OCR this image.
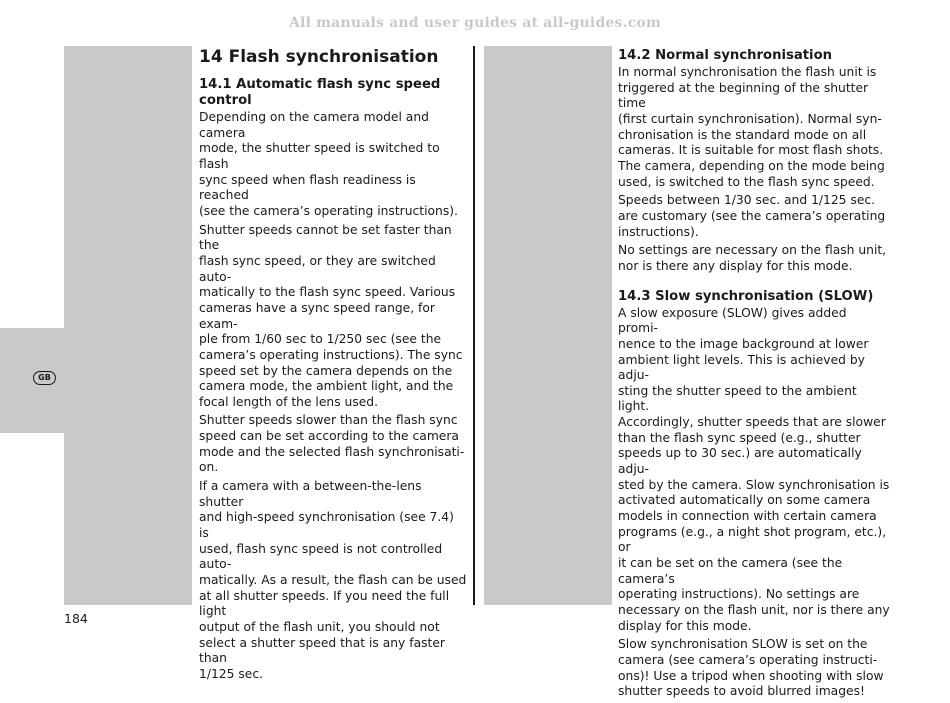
All manuals and user guides at all-guides.com
GB
14 Flash synchronisation
14.1 Automatic flash sync speed control

Depending on the camera model and camera
mode, the shutter speed is switched to flash
sync speed when flash readiness is reached
(see the camera’s operating instructions).

Shutter speeds cannot be set faster than the
flash sync speed, or they are switched auto-
matically to the flash sync speed. Various
cameras have a sync speed range, for exam-
ple from 1/60 sec to 1/250 sec (see the
camera’s operating instructions). The sync
speed set by the camera depends on the
camera mode, the ambient light, and the
focal length of the lens used.

Shutter speeds slower than the flash sync
speed can be set according to the camera
mode and the selected flash synchronisati-
on.

If a camera with a between-the-lens shutter
and high-speed synchronisation (see 7.4) is
used, flash sync speed is not controlled auto-
matically. As a result, the flash can be used
at all shutter speeds. If you need the full light
output of the flash unit, you should not
select a shutter speed that is any faster than
1/125 sec.

14.2 Normal synchronisation

In normal synchronisation the flash unit is
triggered at the beginning of the shutter time
(first curtain synchronisation). Normal syn-
chronisation is the standard mode on all
cameras. It is suitable for most flash shots.
The camera, depending on the mode being
used, is switched to the flash sync speed.

Speeds between 1/30 sec. and 1/125 sec.
are customary (see the camera’s operating
instructions).

No settings are necessary on the flash unit,
nor is there any display for this mode.

14.3 Slow synchronisation (SLOW)

A slow exposure (SLOW) gives added promi-
nence to the image background at lower
ambient light levels. This is achieved by adju-
sting the shutter speed to the ambient light.
Accordingly, shutter speeds that are slower
than the flash sync speed (e.g., shutter
speeds up to 30 sec.) are automatically adju-
sted by the camera. Slow synchronisation is
activated automatically on some camera
models in connection with certain camera
programs (e.g., a night shot program, etc.), or
it can be set on the camera (see the camera’s
operating instructions). No settings are
necessary on the flash unit, nor is there any
display for this mode.

Slow synchronisation SLOW is set on the
camera (see camera’s operating instructi-
ons)! Use a tripod when shooting with slow
shutter speeds to avoid blurred images!

184
